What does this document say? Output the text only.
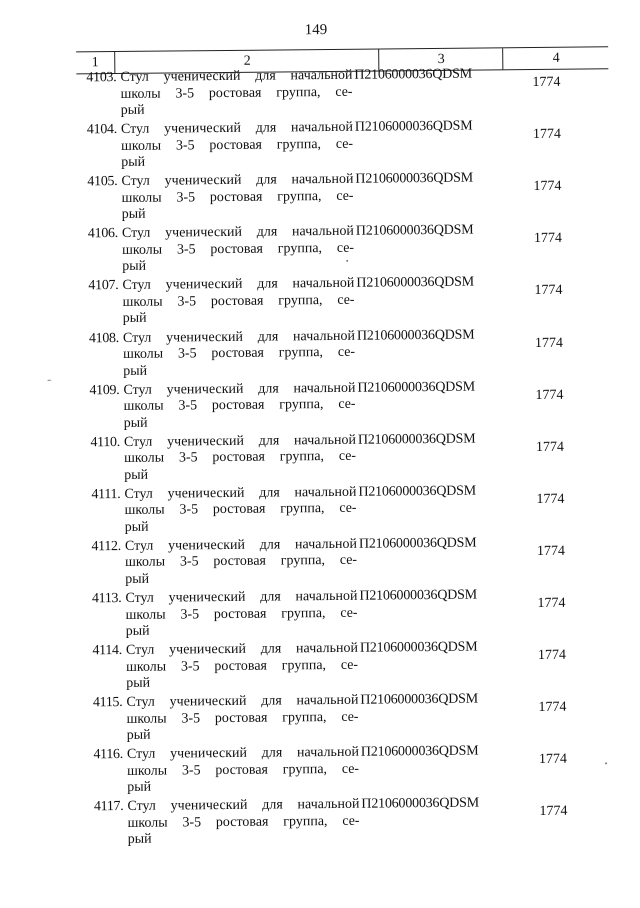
149
1	2	3	4
4103. Стул ученический для начальной
школы 3-5 ростовая группа, се-
рый
П2106000036QDSM	1774
4104. Стул ученический для начальной
школы 3-5 ростовая группа, се-
рый
П2106000036QDSM	1774
4105. Стул ученический для начальной
школы 3-5 ростовая группа, се-
рый
П2106000036QDSM	1774
4106. Стул ученический для начальной
школы 3-5 ростовая группа, се-
рый
П2106000036QDSM	1774
4107. Стул ученический для начальной
школы 3-5 ростовая группа, се-
рый
П2106000036QDSM	1774
4108. Стул ученический для начальной
школы 3-5 ростовая группа, се-
рый
П2106000036QDSM	1774
4109. Стул ученический для начальной
школы 3-5 ростовая группа, се-
рый
П2106000036QDSM	1774
4110. Стул ученический для начальной
школы 3-5 ростовая группа, се-
рый
П2106000036QDSM	1774
4111. Стул ученический для начальной
школы 3-5 ростовая группа, се-
рый
П2106000036QDSM	1774
4112. Стул ученический для начальной
школы 3-5 ростовая группа, се-
рый
П2106000036QDSM	1774
4113. Стул ученический для начальной
школы 3-5 ростовая группа, се-
рый
П2106000036QDSM	1774
4114. Стул ученический для начальной
школы 3-5 ростовая группа, се-
рый
П2106000036QDSM	1774
4115. Стул ученический для начальной
школы 3-5 ростовая группа, се-
рый
П2106000036QDSM	1774
4116. Стул ученический для начальной
школы 3-5 ростовая группа, се-
рый
П2106000036QDSM	1774
4117. Стул ученический для начальной
школы 3-5 ростовая группа, се-
рый
П2106000036QDSM	1774
